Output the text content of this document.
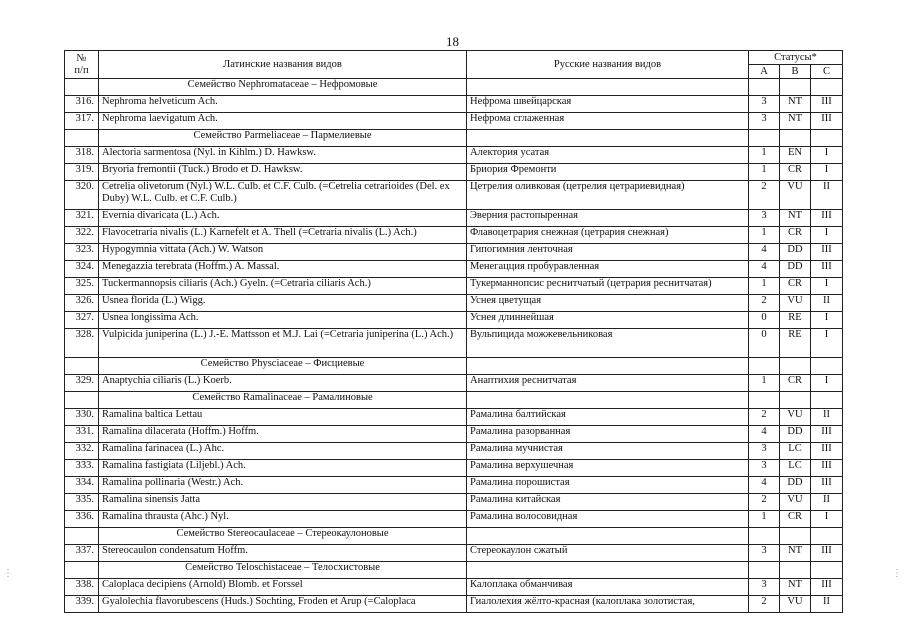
18
№
п/п	Латинские названия видов	Русские названия видов	Статусы*		
			A	B	C
	Семейство Nephromataceae – Нефромовые				
316.	Nephroma helveticum Ach.	Нефрома швейцарская	3	NT	III
317.	Nephroma laevigatum Ach.	Нефрома сглаженная	3	NT	III
	Семейство Parmeliaceae – Пармелиевые				
318.	Alectoria sarmentosa (Nyl. in Kihlm.) D. Hawksw.	Алектория усатая	1	EN	I
319.	Bryoria fremontii (Tuck.) Brodo et D. Hawksw.	Бриория Фремонти	1	CR	I
320.	Cetrelia olivetorum (Nyl.) W.L. Culb. et C.F. Culb. (=Cetrelia cetrarioides (Del. ex Duby) W.L. Culb. et C.F. Culb.)	Цетрелия оливковая (цетрелия цетрариевидная)	2	VU	II
321.	Evernia divaricata (L.) Ach.	Эверния растопыренная	3	NT	III
322.	Flavocetraria nivalis (L.) Karnefelt et A. Thell (=Cetraria nivalis (L.) Ach.)	Флавоцетрария снежная (цетрария снежная)	1	CR	I
323.	Hypogymnia vittata (Ach.) W. Watson	Гипогимния ленточная	4	DD	III
324.	Menegazzia terebrata (Hoffm.) A. Massal.	Менегацция пробуравленная	4	DD	III
325.	Tuckermannopsis ciliaris (Ach.) Gyeln. (=Cetraria ciliaris Ach.)	Тукерманнопсис реснитчатый (цетрария реснитчатая)	1	CR	I
326.	Usnea florida (L.) Wigg.	Уснея цветущая	2	VU	II
327.	Usnea longissima Ach.	Уснея длиннейшая	0	RE	I
328.	Vulpicida juniperina (L.) J.-E. Mattsson et M.J. Lai (=Cetraria juniperina (L.) Ach.)	Вульпицида можжевельниковая	0	RE	I
	Семейство Physciaceae – Фисциевые				
329.	Anaptychia ciliaris (L.) Koerb.	Анаптихия реснитчатая	1	CR	I
	Семейство Ramalinaceae – Рамалиновые				
330.	Ramalina baltica Lettau	Рамалина балтийская	2	VU	II
331.	Ramalina dilacerata (Hoffm.) Hoffm.	Рамалина разорванная	4	DD	III
332.	Ramalina farinacea (L.) Ahc.	Рамалина мучнистая	3	LC	III
333.	Ramalina fastigiata (Liljebl.) Ach.	Рамалина верхушечная	3	LC	III
334.	Ramalina pollinaria (Westr.) Ach.	Рамалина порошистая	4	DD	III
335.	Ramalina sinensis Jatta	Рамалина китайская	2	VU	II
336.	Ramalina thrausta (Ahc.) Nyl.	Рамалина волосовидная	1	CR	I
	Семейство Stereocaulaceae – Стереокаулоновые				
337.	Stereocaulon condensatum Hoffm.	Стереокаулон сжатый	3	NT	III
	Семейство Teloschistaceae – Телосхистовые				
338.	Caloplaca decipiens (Arnold) Blomb. et Forssel	Калоплака обманчивая	3	NT	III
339.	Gyalolechia flavorubescens (Huds.) Sochting, Froden et Arup (=Caloplaca	Гиалолехия жёлто-красная (калоплака золотистая,	2	VU	II
⋮	⋮
